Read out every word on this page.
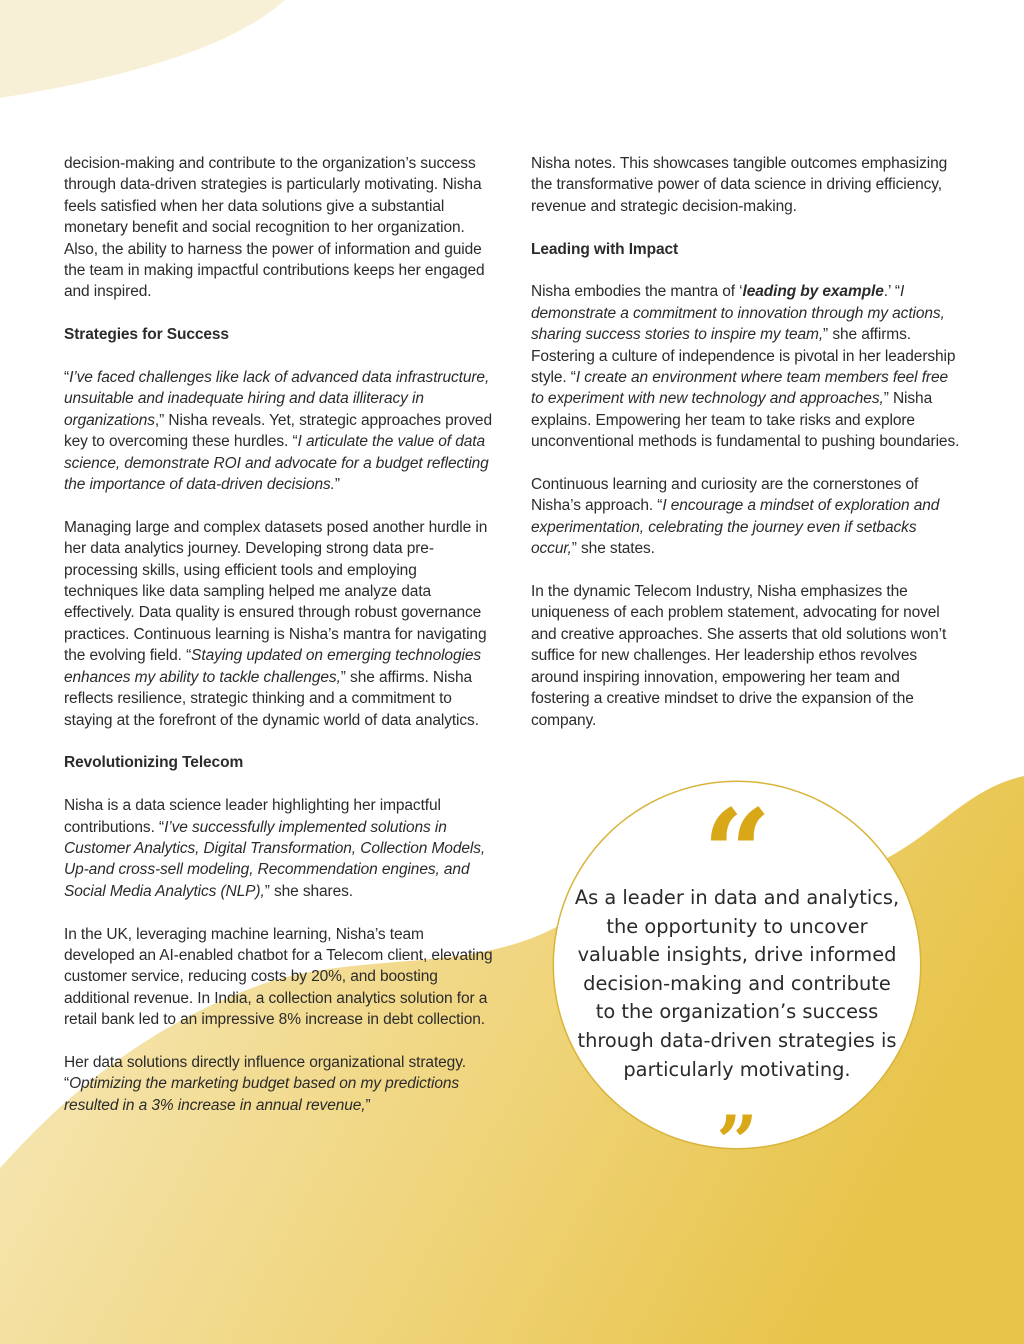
decision-making and contribute to the organization’s success through data-driven strategies is particularly motivating. Nisha feels satisfied when her data solutions give a substantial monetary benefit and social recognition to her organization. Also, the ability to harness the power of information and guide the team in making impactful contributions keeps her engaged and inspired.

Strategies for Success

“I’ve faced challenges like lack of advanced data infrastructure, unsuitable and inadequate hiring and data illiteracy in organizations,” Nisha reveals. Yet, strategic approaches proved key to overcoming these hurdles. “I articulate the value of data science, demonstrate ROI and advocate for a budget reflecting the importance of data-driven decisions.”

Managing large and complex datasets posed another hurdle in her data analytics journey. Developing strong data pre-processing skills, using efficient tools and employing techniques like data sampling helped me analyze data effectively. Data quality is ensured through robust governance practices. Continuous learning is Nisha’s mantra for navigating the evolving field. “Staying updated on emerging technologies enhances my ability to tackle challenges,” she affirms. Nisha reflects resilience, strategic thinking and a commitment to staying at the forefront of the dynamic world of data analytics.

Revolutionizing Telecom

Nisha is a data science leader highlighting her impactful contributions. “I’ve successfully implemented solutions in Customer Analytics, Digital Transformation, Collection Models, Up-and cross-sell modeling, Recommendation engines, and Social Media Analytics (NLP),” she shares.

In the UK, leveraging machine learning, Nisha’s team developed an AI-enabled chatbot for a Telecom client, elevating customer service, reducing costs by 20%, and boosting additional revenue. In India, a collection analytics solution for a retail bank led to an impressive 8% increase in debt collection.

Her data solutions directly influence organizational strategy. “Optimizing the marketing budget based on my predictions resulted in a 3% increase in annual revenue,”

Nisha notes. This showcases tangible outcomes emphasizing the transformative power of data science in driving efficiency, revenue and strategic decision-making.

Leading with Impact

Nisha embodies the mantra of ‘leading by example.’ “I demonstrate a commitment to innovation through my actions, sharing success stories to inspire my team,” she affirms. Fostering a culture of independence is pivotal in her leadership style. “I create an environment where team members feel free to experiment with new technology and approaches,” Nisha explains. Empowering her team to take risks and explore unconventional methods is fundamental to pushing boundaries.

Continuous learning and curiosity are the cornerstones of Nisha’s approach. “I encourage a mindset of exploration and experimentation, celebrating the journey even if setbacks occur,” she states.

In the dynamic Telecom Industry, Nisha emphasizes the uniqueness of each problem statement, advocating for novel and creative approaches. She asserts that old solutions won’t suffice for new challenges. Her leadership ethos revolves around inspiring innovation, empowering her team and fostering a creative mindset to drive the expansion of the company.

“
As a leader in data and analytics, the opportunity to uncover valuable insights, drive informed decision-making and contribute to the organization’s success through data-driven strategies is particularly motivating.
”
